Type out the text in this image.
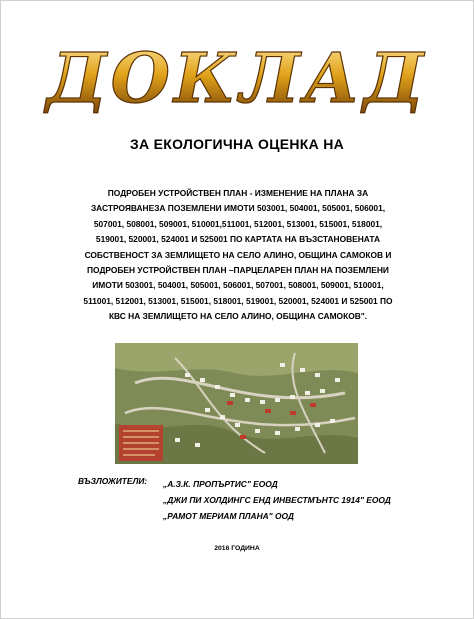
ДОКЛАД
ЗА ЕКОЛОГИЧНА ОЦЕНКА НА
ПОДРОБЕН УСТРОЙСТВЕН ПЛАН - ИЗМЕНЕНИЕ НА ПЛАНА ЗА
ЗАСТРОЯВАНЕЗА ПОЗЕМЛЕНИ ИМОТИ 503001, 504001, 505001, 506001,
507001, 508001, 509001, 510001,511001, 512001, 513001, 515001, 518001,
519001, 520001, 524001 И 525001 ПО КАРТАТА НА ВЪЗСТАНОВЕНАТА
СОБСТВЕНОСТ ЗА ЗЕМЛИЩЕТО НА СЕЛО АЛИНО, ОБЩИНА САМОКОВ И
ПОДРОБЕН УСТРОЙСТВЕН ПЛАН –ПАРЦЕЛАРЕН ПЛАН НА ПОЗЕМЛЕНИ
ИМОТИ 503001, 504001, 505001, 506001, 507001, 508001, 509001, 510001,
511001, 512001, 513001, 515001, 518001, 519001, 520001, 524001 И 525001 ПО
КВС НА ЗЕМЛИЩЕТО НА СЕЛО АЛИНО, ОБЩИНА САМОКОВ".
ВЪЗЛОЖИТЕЛИ: „А.З.К. ПРОПЪРТИС" ЕООД
„ДЖИ ПИ ХОЛДИНГС ЕНД ИНВЕСТМЪНТС 1914" ЕООД
„РАМОТ МЕРИАМ ПЛАНА" ООД
2016 ГОДИНА
